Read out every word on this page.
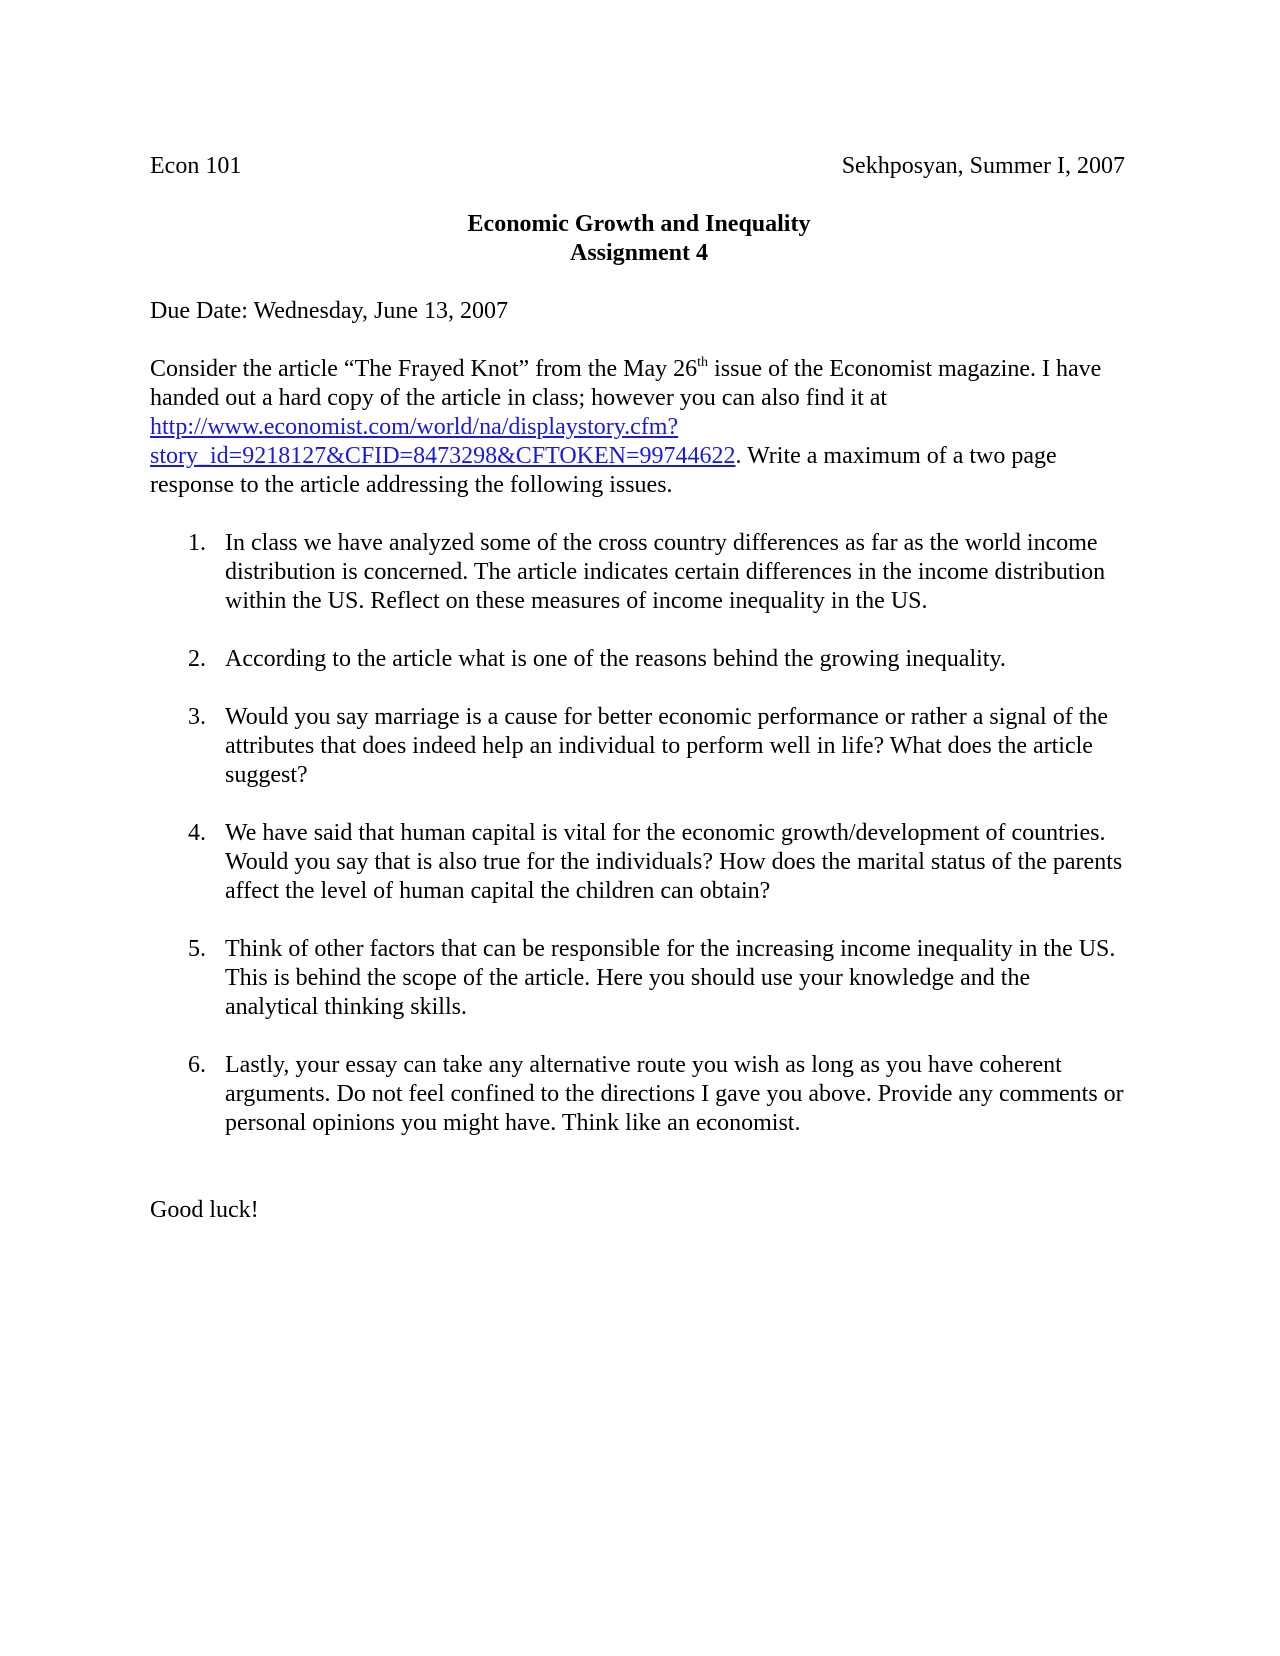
Econ 101	Sekhposyan, Summer I, 2007
Economic Growth and Inequality
Assignment 4
Due Date: Wednesday, June 13, 2007
Consider the article “The Frayed Knot” from the May 26th issue of the Economist magazine. I have handed out a hard copy of the article in class; however you can also find it at
http://www.economist.com/world/na/displaystory.cfm?
story_id=9218127&CFID=8473298&CFTOKEN=99744622. Write a maximum of a two page response to the article addressing the following issues.
1. In class we have analyzed some of the cross country differences as far as the world income distribution is concerned. The article indicates certain differences in the income distribution within the US. Reflect on these measures of income inequality in the US.
2. According to the article what is one of the reasons behind the growing inequality.
3. Would you say marriage is a cause for better economic performance or rather a signal of the attributes that does indeed help an individual to perform well in life? What does the article suggest?
4. We have said that human capital is vital for the economic growth/development of countries. Would you say that is also true for the individuals? How does the marital status of the parents affect the level of human capital the children can obtain?
5. Think of other factors that can be responsible for the increasing income inequality in the US. This is behind the scope of the article. Here you should use your knowledge and the analytical thinking skills.
6. Lastly, your essay can take any alternative route you wish as long as you have coherent arguments. Do not feel confined to the directions I gave you above. Provide any comments or personal opinions you might have. Think like an economist.
Good luck!
